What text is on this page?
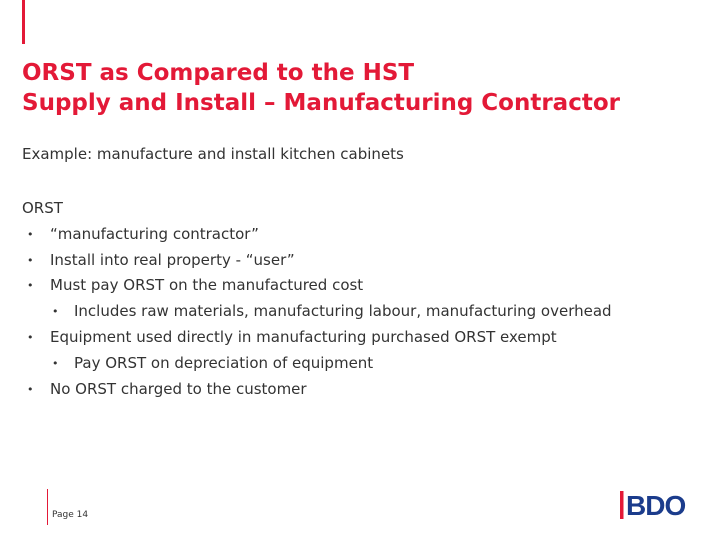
ORST as Compared to the HST
Supply and Install – Manufacturing Contractor
Example: manufacture and install kitchen cabinets
ORST
• “manufacturing contractor”
• Install into real property - “user”
• Must pay ORST on the manufactured cost
• Includes raw materials, manufacturing labour, manufacturing overhead
• Equipment used directly in manufacturing purchased ORST exempt
• Pay ORST on depreciation of equipment
• No ORST charged to the customer
Page 14	BDO
